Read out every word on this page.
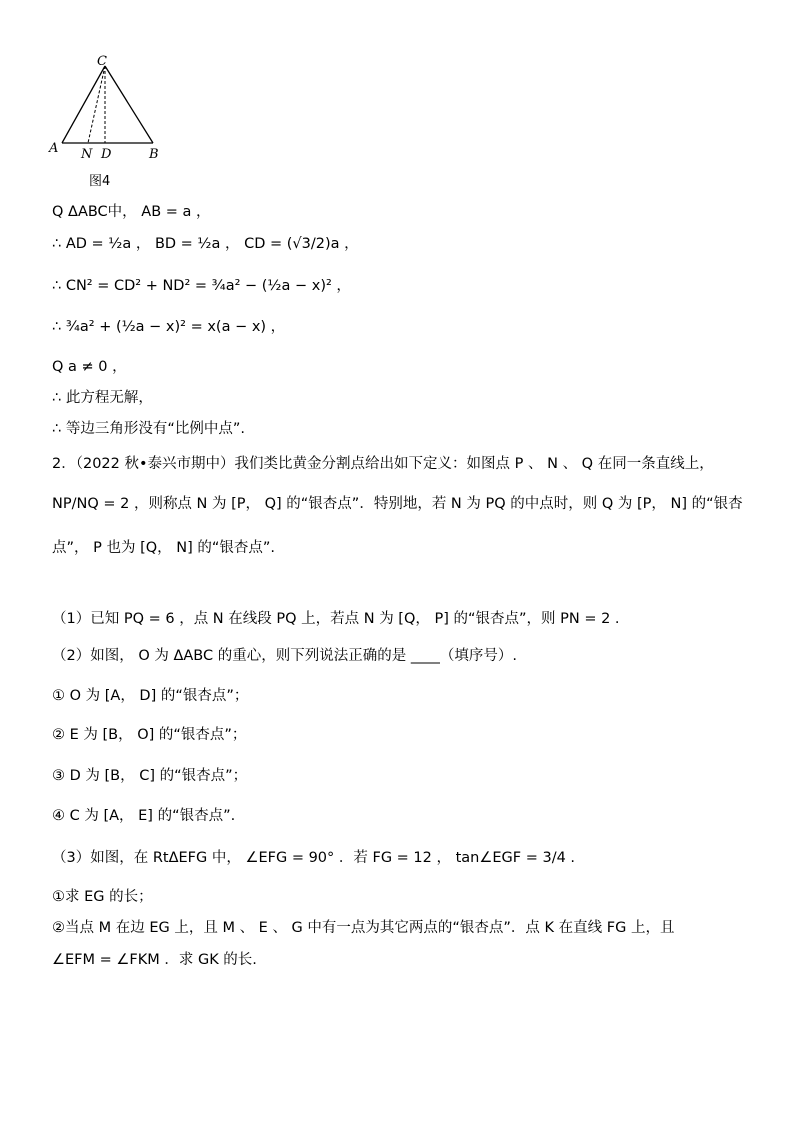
C
A N D	B
图4
Q ΔABC中， AB = a ，
∴ AD = ½a ， BD = ½a ， CD = (√3/2)a ，
∴ CN² = CD² + ND² = ¾a² − (½a − x)² ，
∴ ¾a² + (½a − x)² = x(a − x) ，
Q a ≠ 0 ，
∴ 此方程无解，
∴ 等边三角形没有“比例中点”.
2．（2022 秋•泰兴市期中）我们类比黄金分割点给出如下定义：如图点 P 、 N 、 Q 在同一条直线上，
NP/NQ = 2 ，则称点 N 为 [P， Q] 的“银杏点”．特别地，若 N 为 PQ 的中点时，则 Q 为 [P， N] 的“银杏
点”， P 也为 [Q， N] 的“银杏点”.
（1）已知 PQ = 6 ，点 N 在线段 PQ 上，若点 N 为 [Q， P] 的“银杏点”，则 PN = 2 .
（2）如图， O 为 ΔABC 的重心，则下列说法正确的是 ____（填序号）.
① O 为 [A， D] 的“银杏点”；
② E 为 [B， O] 的“银杏点”；
③ D 为 [B， C] 的“银杏点”；
④ C 为 [A， E] 的“银杏点”.
（3）如图，在 RtΔEFG 中， ∠EFG = 90° ．若 FG = 12 ， tan∠EGF = 3/4 .
①求 EG 的长；
②当点 M 在边 EG 上，且 M 、 E 、 G 中有一点为其它两点的“银杏点”．点 K 在直线 FG 上，且
∠EFM = ∠FKM ．求 GK 的长.
